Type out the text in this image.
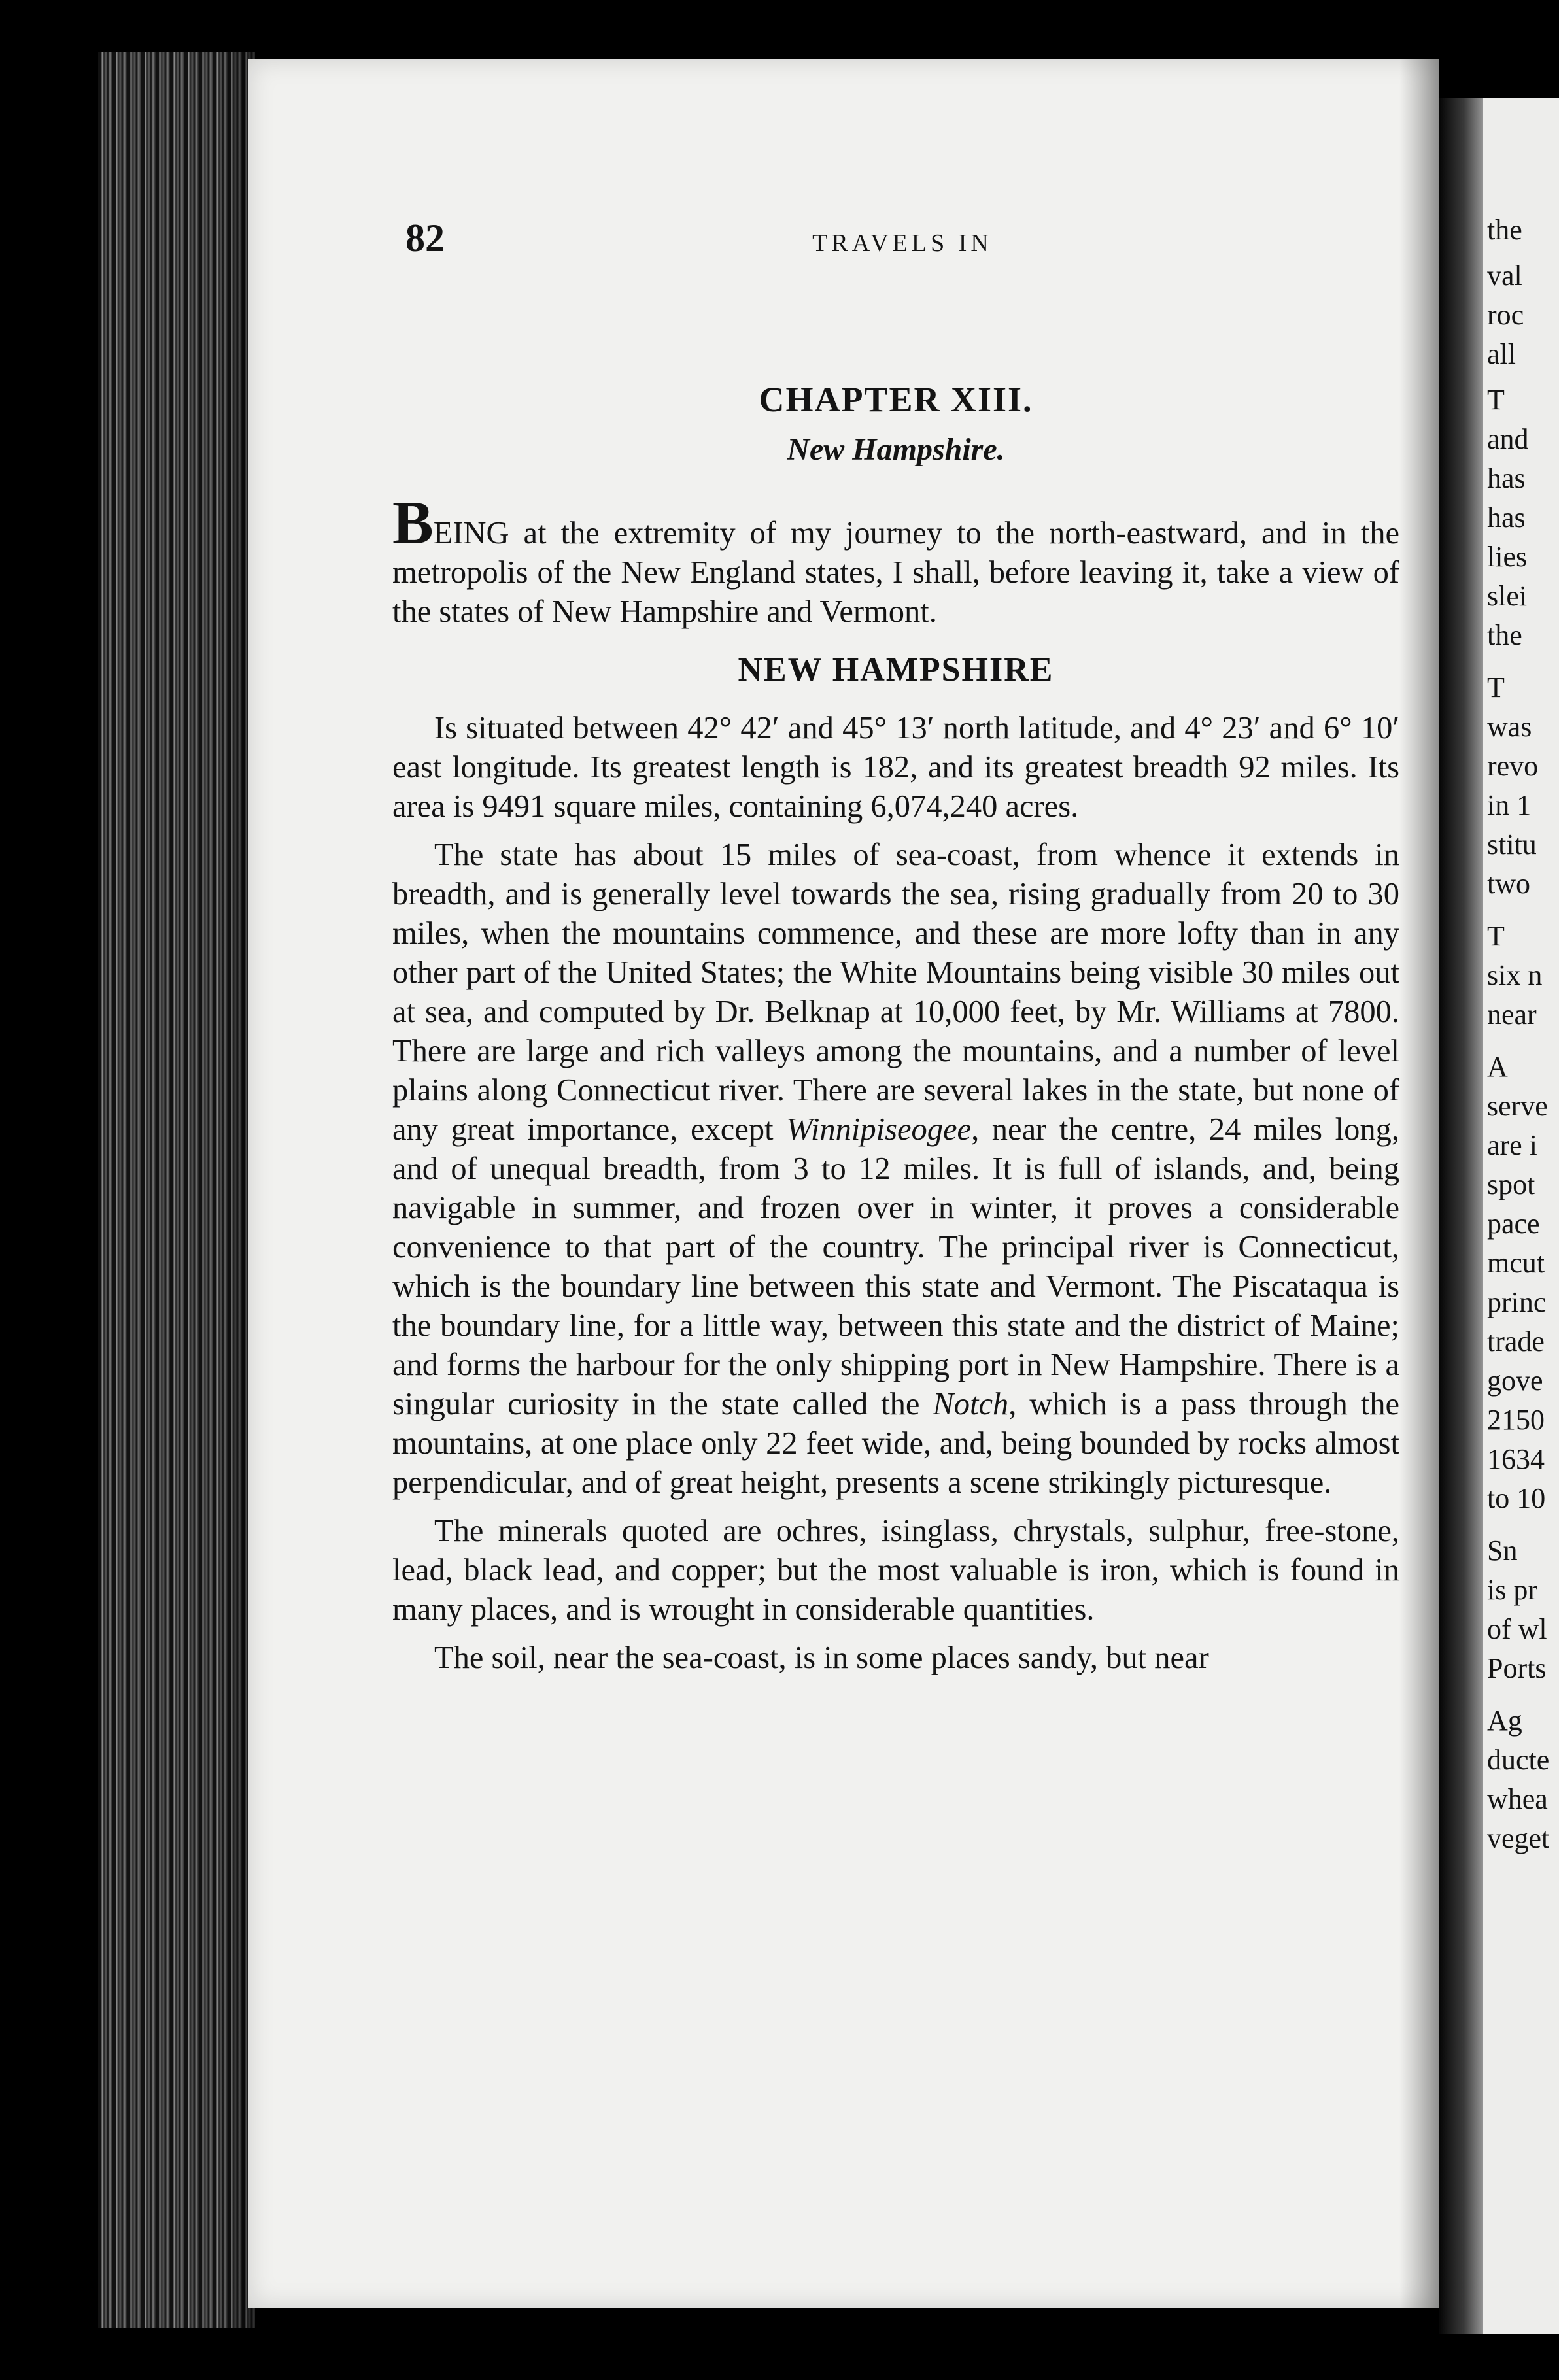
the
val
roc
all
T
and
has
has
lies
slei
the
T
was
revo
in 1
stitu
two
T
six n
near
A
serve
are i
spot
pace
mcut
princ
trade
gove
2150
1634
to 10
Sn
is pr
of wl
Ports
Ag
ducte
whea
veget
82	TRAVELS IN
CHAPTER XIII.
New Hampshire.

BEING at the extremity of my journey to the north-eastward, and in the metropolis of the New England states, I shall, before leaving it, take a view of the states of New Hampshire and Vermont.

NEW HAMPSHIRE

Is situated between 42° 42′ and 45° 13′ north latitude, and 4° 23′ and 6° 10′ east longitude. Its greatest length is 182, and its greatest breadth 92 miles. Its area is 9491 square miles, containing 6,074,240 acres.

The state has about 15 miles of sea-coast, from whence it extends in breadth, and is generally level towards the sea, rising gradually from 20 to 30 miles, when the mountains commence, and these are more lofty than in any other part of the United States; the White Mountains being visible 30 miles out at sea, and computed by Dr. Belknap at 10,000 feet, by Mr. Williams at 7800. There are large and rich valleys among the mountains, and a number of level plains along Connecticut river. There are several lakes in the state, but none of any great importance, except Winnipiseogee, near the centre, 24 miles long, and of unequal breadth, from 3 to 12 miles. It is full of islands, and, being navigable in summer, and frozen over in winter, it proves a considerable convenience to that part of the country. The principal river is Connecticut, which is the boundary line between this state and Vermont. The Piscataqua is the boundary line, for a little way, between this state and the district of Maine; and forms the harbour for the only shipping port in New Hampshire. There is a singular curiosity in the state called the Notch, which is a pass through the mountains, at one place only 22 feet wide, and, being bounded by rocks almost perpendicular, and of great height, presents a scene strikingly picturesque.

The minerals quoted are ochres, isinglass, chrystals, sulphur, free-stone, lead, black lead, and copper; but the most valuable is iron, which is found in many places, and is wrought in considerable quantities.

The soil, near the sea-coast, is in some places sandy, but near
